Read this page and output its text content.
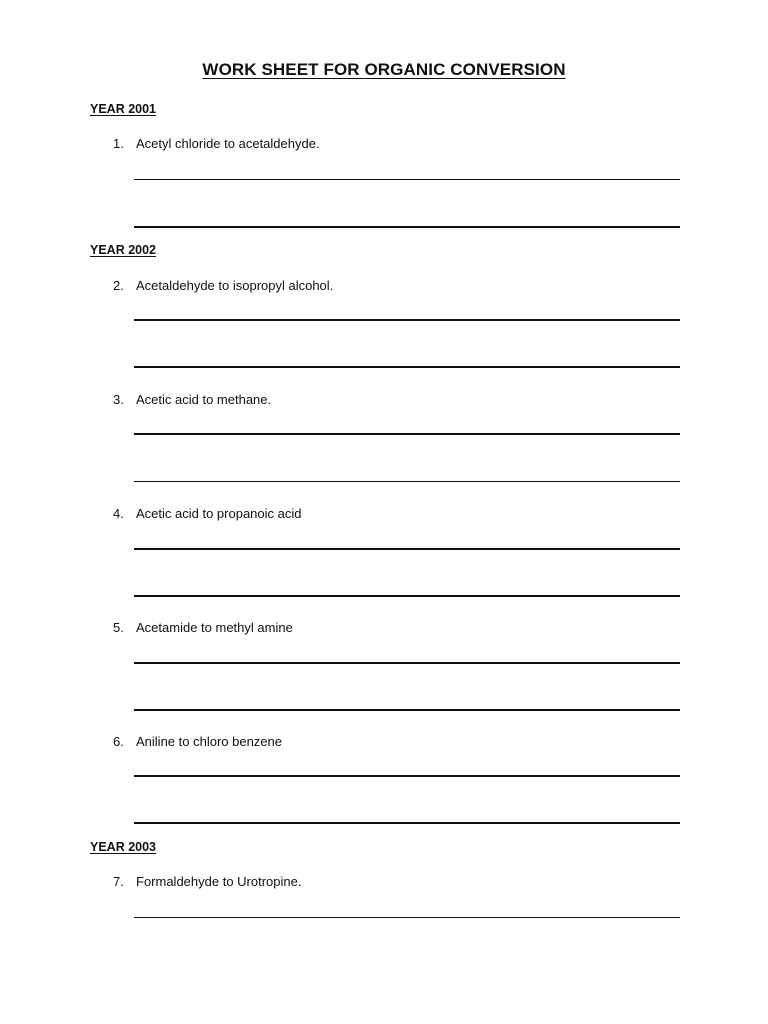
WORK SHEET FOR ORGANIC CONVERSION
YEAR 2001
1. Acetyl chloride to acetaldehyde.
YEAR 2002
2. Acetaldehyde to isopropyl alcohol.
3. Acetic acid to methane.
4. Acetic acid to propanoic acid
5. Acetamide to methyl amine
6. Aniline to chloro benzene
YEAR 2003
7. Formaldehyde to Urotropine.
